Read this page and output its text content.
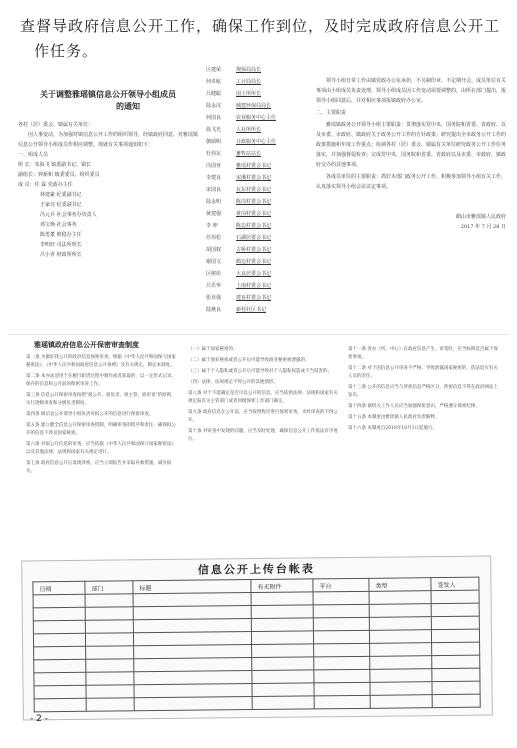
查督导政府信息公开工作，确保工作到位，及时完成政府信息公开工
作任务。
关于调整雅瑶镇信息公开领导小组成员
的通知
各村（居）委会、镇属有关单位：
因人事变动，为加强对镇信息公开工作的组织领导，经镇政府同意，对雅瑶镇信息公开领导小组成员作相应调整。现就有关事项通知如下：
一、组成人员
组 长：朱海飞 镇委副书记、镇长
副组长：钟新和 镇委委员、组织委员
成 员：任 霖 党政办主任
林建豪 纪委副书记
王家亮 纪委副书记
冯元兵 社会事务办负责人
邓宝焕 社会事务
陈勇董 维稳办主任
李明轩 司法所所长
吕小青 财政所所长
区建荣	规保局局长
何卓航	工计局局长
吕健聪	国土所所长
陆永汉	城建环保局局长
何国良	农业服务中心主任
温飞光	人社所所长
朝颂明	计政服务中心主任
杜伟东	畜牧站站长
冯国亚	雅瑶村委会书记
李建良	宋溪村委会书记
宋国良	瓦东村委会书记
陆永明	陈岗村委会书记
黄建强	黄岗村委会书记
李 坤	陈边村委会书记
任伟松	石湖居委会书记
胡国权	古桥村委会书记
谢国文	鹤边村委会书记
区树坊	大良居委会书记
吕乐华	上南村委会书记
张业强	建良村委会书记
陆燕良	新桂社区书记

领导小组日常工作由镇党政办公室承担，不另制印章，不定期开会。成员单位有关事项由小组成员负责处理，领导小组成员因工作变动需要调整的，由所在部门提出，报领导小组同意后，并对相应事项报镇政府办公室。

二、主要职责

雅瑶镇政务公开领导小组主要职责：贯彻落实党中央、国务院和省委、省政府、以及市委、市政府、镇政府关于政务公开工作的方针政策；研究提出全市政务公开工作的政策措施和年度工作重点；协调各村（居）委会、镇属有关单位研究政务公开工作任务落实，并加强督促检查；完成党中央、国务院和省委、省政府以及市委、市政府、镇政府交办的其他事项。

各成员单位的主要职责：抓好本部门政务公开工作，积极参加领导小组有关工作，认真落实领导小组会议议定事项。

鹤山市雅瑶镇人民政府
2017 年 7 月 28 日
雅瑶镇政府信息公开保密审查制度

第一条 为做好我公开的政府信息保密审查，根据《中华人民共和国保守国家秘密法》、《中华人民共和国政府信息公开条例》及有关规定，制定本制度。

第二条 本办法适用于在履行职责过程中制作或者获取的，以一定形式记录、保存的信息和公开前的保密审查工作。

第三条 信息公开保密审查按照"谁公开、谁负责，谁主管、谁审查"的原则，实行逐级审查和分级负责制度。

第四条 镇信息公开领导小组负责对拟公开的信息进行保密审查。

第五条 建立健全信息公开保密审查机制，明确审查的程序和责任，确保拟公开的信息不涉及国家秘密。

第六条 对拟公开信息的审查，应当依据《中华人民共和国保守国家秘密法》以及其他法律、法规和国家有关规定进行。

第七条 政府信息公开后发现涉密，应当立即报告并采取补救措施，减少损失。

（一）属于国家秘密的；

（二）属于商业秘密或者公开后可能导致商业秘密被泄露的；

（三）属于个人隐私或者公开后可能导致对个人隐私权造成不当侵害的；

（四）法律、法规规定不得公开的其他情形。

第八条 对于不能确定是否可以公开的信息，应当依照法律、法规和国家有关规定报有关主管部门或者同级保密工作部门确定。

第九条 政府信息在公开前，应当按照程序进行保密审查，未经审查的不得公开。

第十条 对审查中发现的问题，应当及时处理，确保信息公开工作依法有序进行。

第十一条 各办（所、中心）在政府信息产生、审签时，应当标明是否属于保密事项。

第十二条 对于因信息公开审查不严格，导致泄露国家秘密的，依法追究有关人员的责任。

第十三条 公开的信息应当与涉密信息严格区分，涉密信息不得在政府网站上发布。

第十四条 镇机关工作人员应当加强保密意识，严格遵守保密纪律。

第十五条 本制度由雅瑶镇人民政府负责解释。

第十六条 本制度自2018年10月1日起施行。

信息公开上传台帐表
日期	部门	标题	有无附件	平台	类型	签发人

- 2 -
